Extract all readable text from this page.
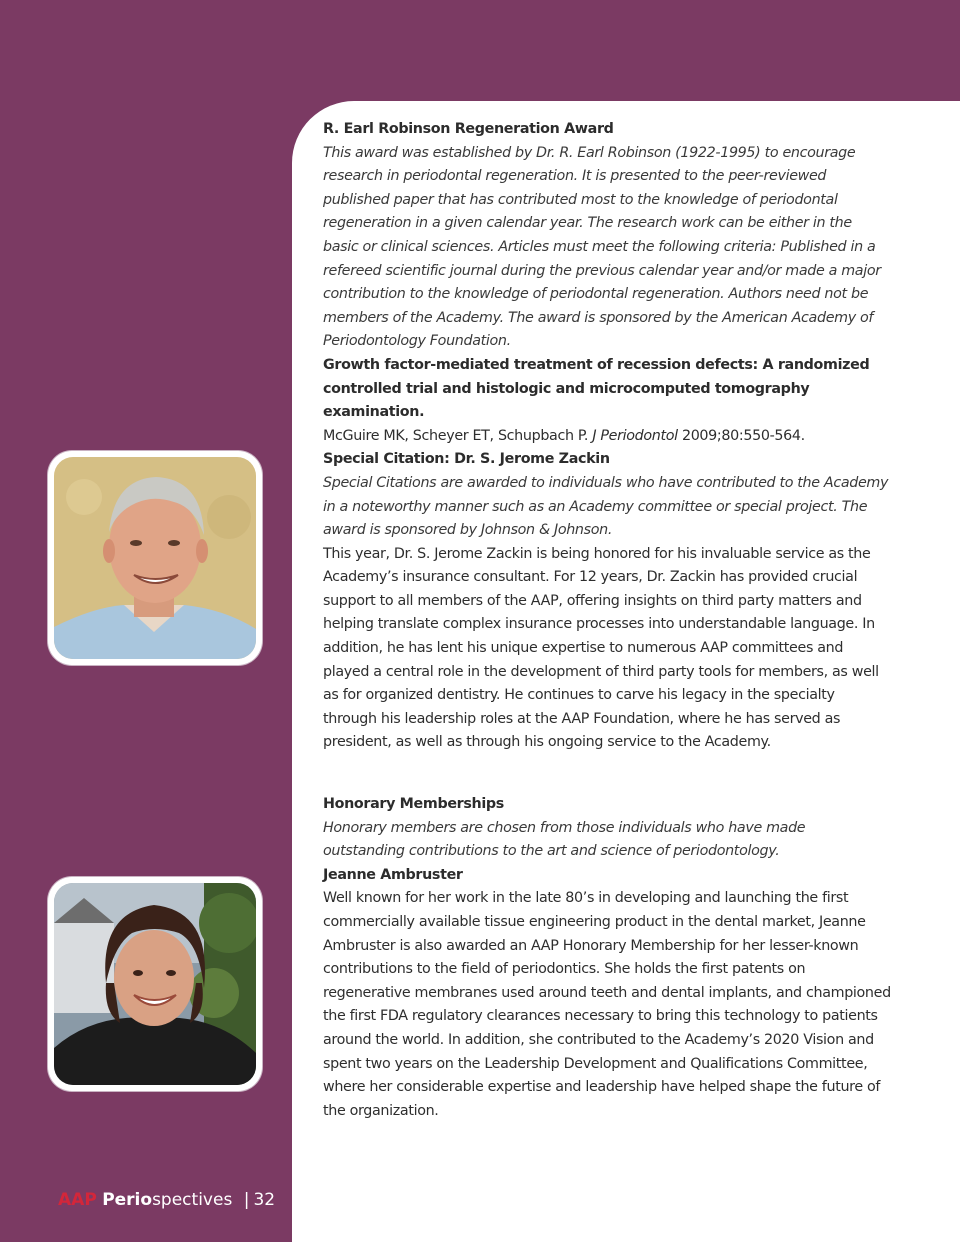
R. Earl Robinson Regeneration Award

This award was established by Dr. R. Earl Robinson (1922-1995) to encourage research in periodontal regeneration. It is presented to the peer-reviewed published paper that has contributed most to the knowledge of periodontal regeneration in a given calendar year. The research work can be either in the basic or clinical sciences. Articles must meet the following criteria: Published in a refereed scientific journal during the previous calendar year and/or made a major contribution to the knowledge of periodontal regeneration. Authors need not be members of the Academy. The award is sponsored by the American Academy of Periodontology Foundation.

Growth factor-mediated treatment of recession defects: A randomized controlled trial and histologic and microcomputed tomography examination.

McGuire MK, Scheyer ET, Schupbach P. J Periodontol 2009;80:550-564.

Special Citation: Dr. S. Jerome Zackin

Special Citations are awarded to individuals who have contributed to the Academy in a noteworthy manner such as an Academy committee or special project. The award is sponsored by Johnson & Johnson.

This year, Dr. S. Jerome Zackin is being honored for his invaluable service as the Academy’s insurance consultant. For 12 years, Dr. Zackin has provided crucial support to all members of the AAP, offering insights on third party matters and helping translate complex insurance processes into understandable language. In addition, he has lent his unique expertise to numerous AAP committees and played a central role in the development of third party tools for members, as well as for organized dentistry. He continues to carve his legacy in the specialty through his leadership roles at the AAP Foundation, where he has served as president, as well as through his ongoing service to the Academy.

Honorary Memberships

Honorary members are chosen from those individuals who have made outstanding contributions to the art and science of periodontology.

Jeanne Ambruster

Well known for her work in the late 80’s in developing and launching the first commercially available tissue engineering product in the dental market, Jeanne Ambruster is also awarded an AAP Honorary Membership for her lesser-known contributions to the field of periodontics. She holds the first patents on regenerative membranes used around teeth and dental implants, and championed the first FDA regulatory clearances necessary to bring this technology to patients around the world. In addition, she contributed to the Academy’s 2020 Vision and spent two years on the Leadership Development and Qualifications Committee, where her considerable expertise and leadership have helped shape the future of the organization.

AAP Periospectives | 32
